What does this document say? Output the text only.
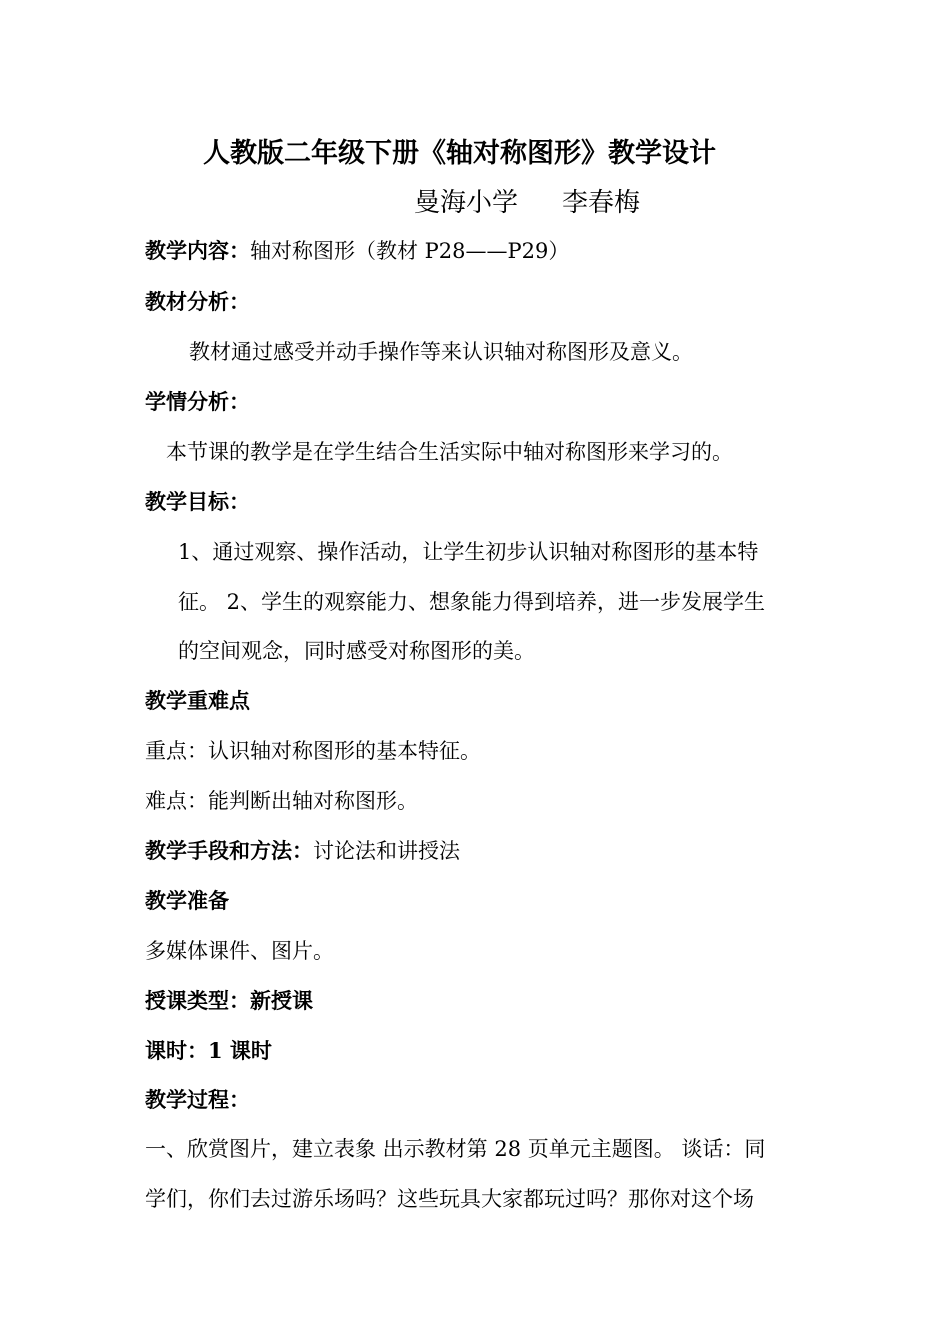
人教版二年级下册《轴对称图形》教学设计
曼海小学 李春梅
教学内容：轴对称图形（教材 P28——P29）
教材分析：
教材通过感受并动手操作等来认识轴对称图形及意义。
学情分析：
本节课的教学是在学生结合生活实际中轴对称图形来学习的。
教学目标：
1、通过观察、操作活动，让学生初步认识轴对称图形的基本特
征。 2、学生的观察能力、想象能力得到培养，进一步发展学生
的空间观念，同时感受对称图形的美。
教学重难点
重点：认识轴对称图形的基本特征。
难点：能判断出轴对称图形。
教学手段和方法：讨论法和讲授法
教学准备
多媒体课件、图片。
授课类型：新授课
课时：1 课时
教学过程：
一、欣赏图片，建立表象 出示教材第 28 页单元主题图。 谈话：同
学们，你们去过游乐场吗？这些玩具大家都玩过吗？那你对这个场
